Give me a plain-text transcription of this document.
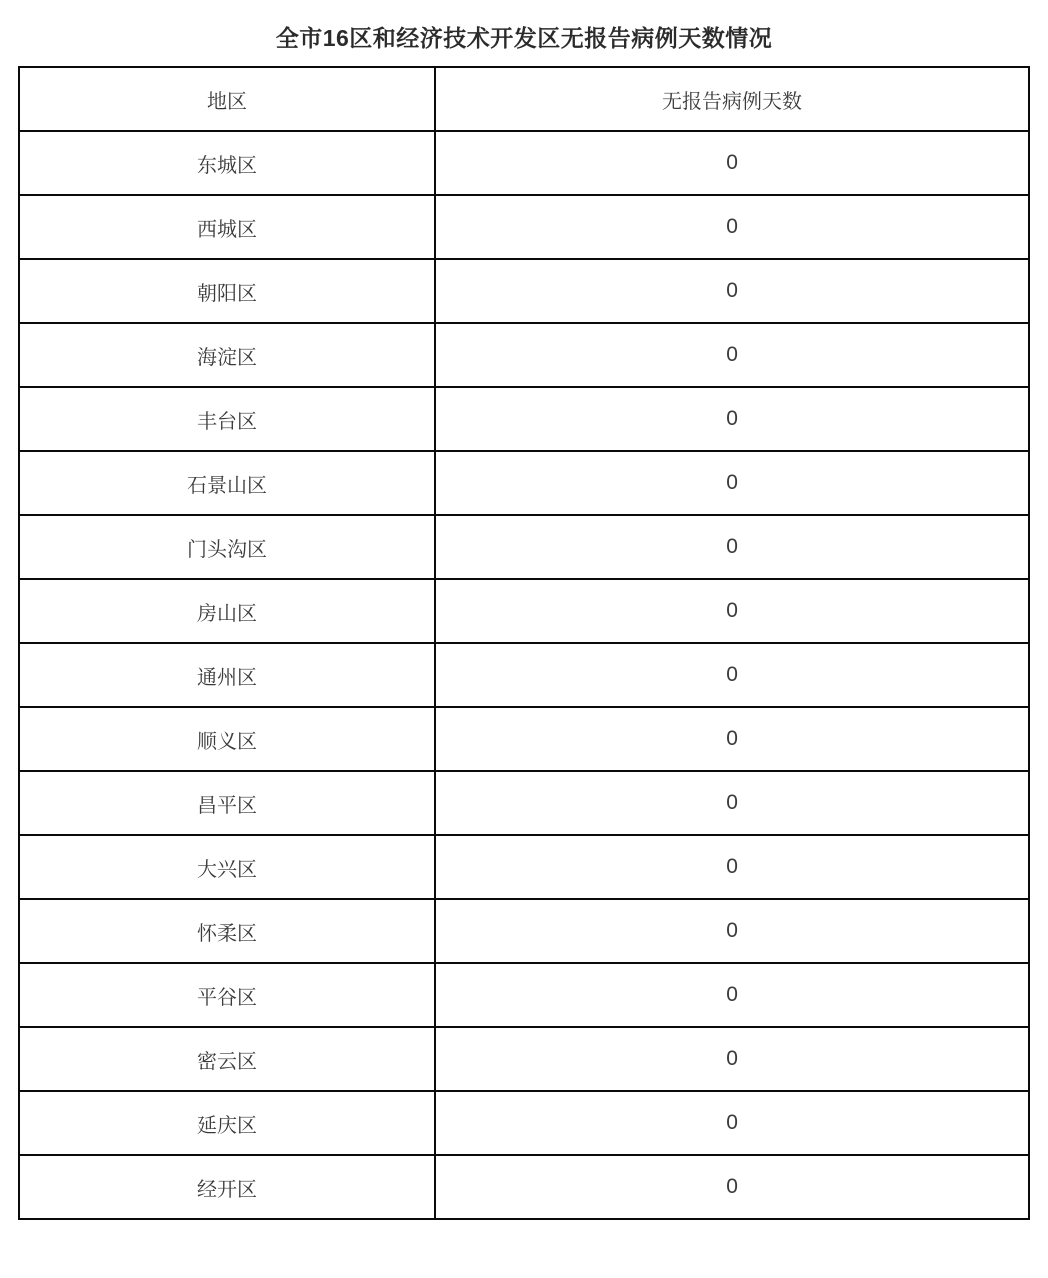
全市16区和经济技术开发区无报告病例天数情况
地区	无报告病例天数
东城区	0
西城区	0
朝阳区	0
海淀区	0
丰台区	0
石景山区	0
门头沟区	0
房山区	0
通州区	0
顺义区	0
昌平区	0
大兴区	0
怀柔区	0
平谷区	0
密云区	0
延庆区	0
经开区	0
